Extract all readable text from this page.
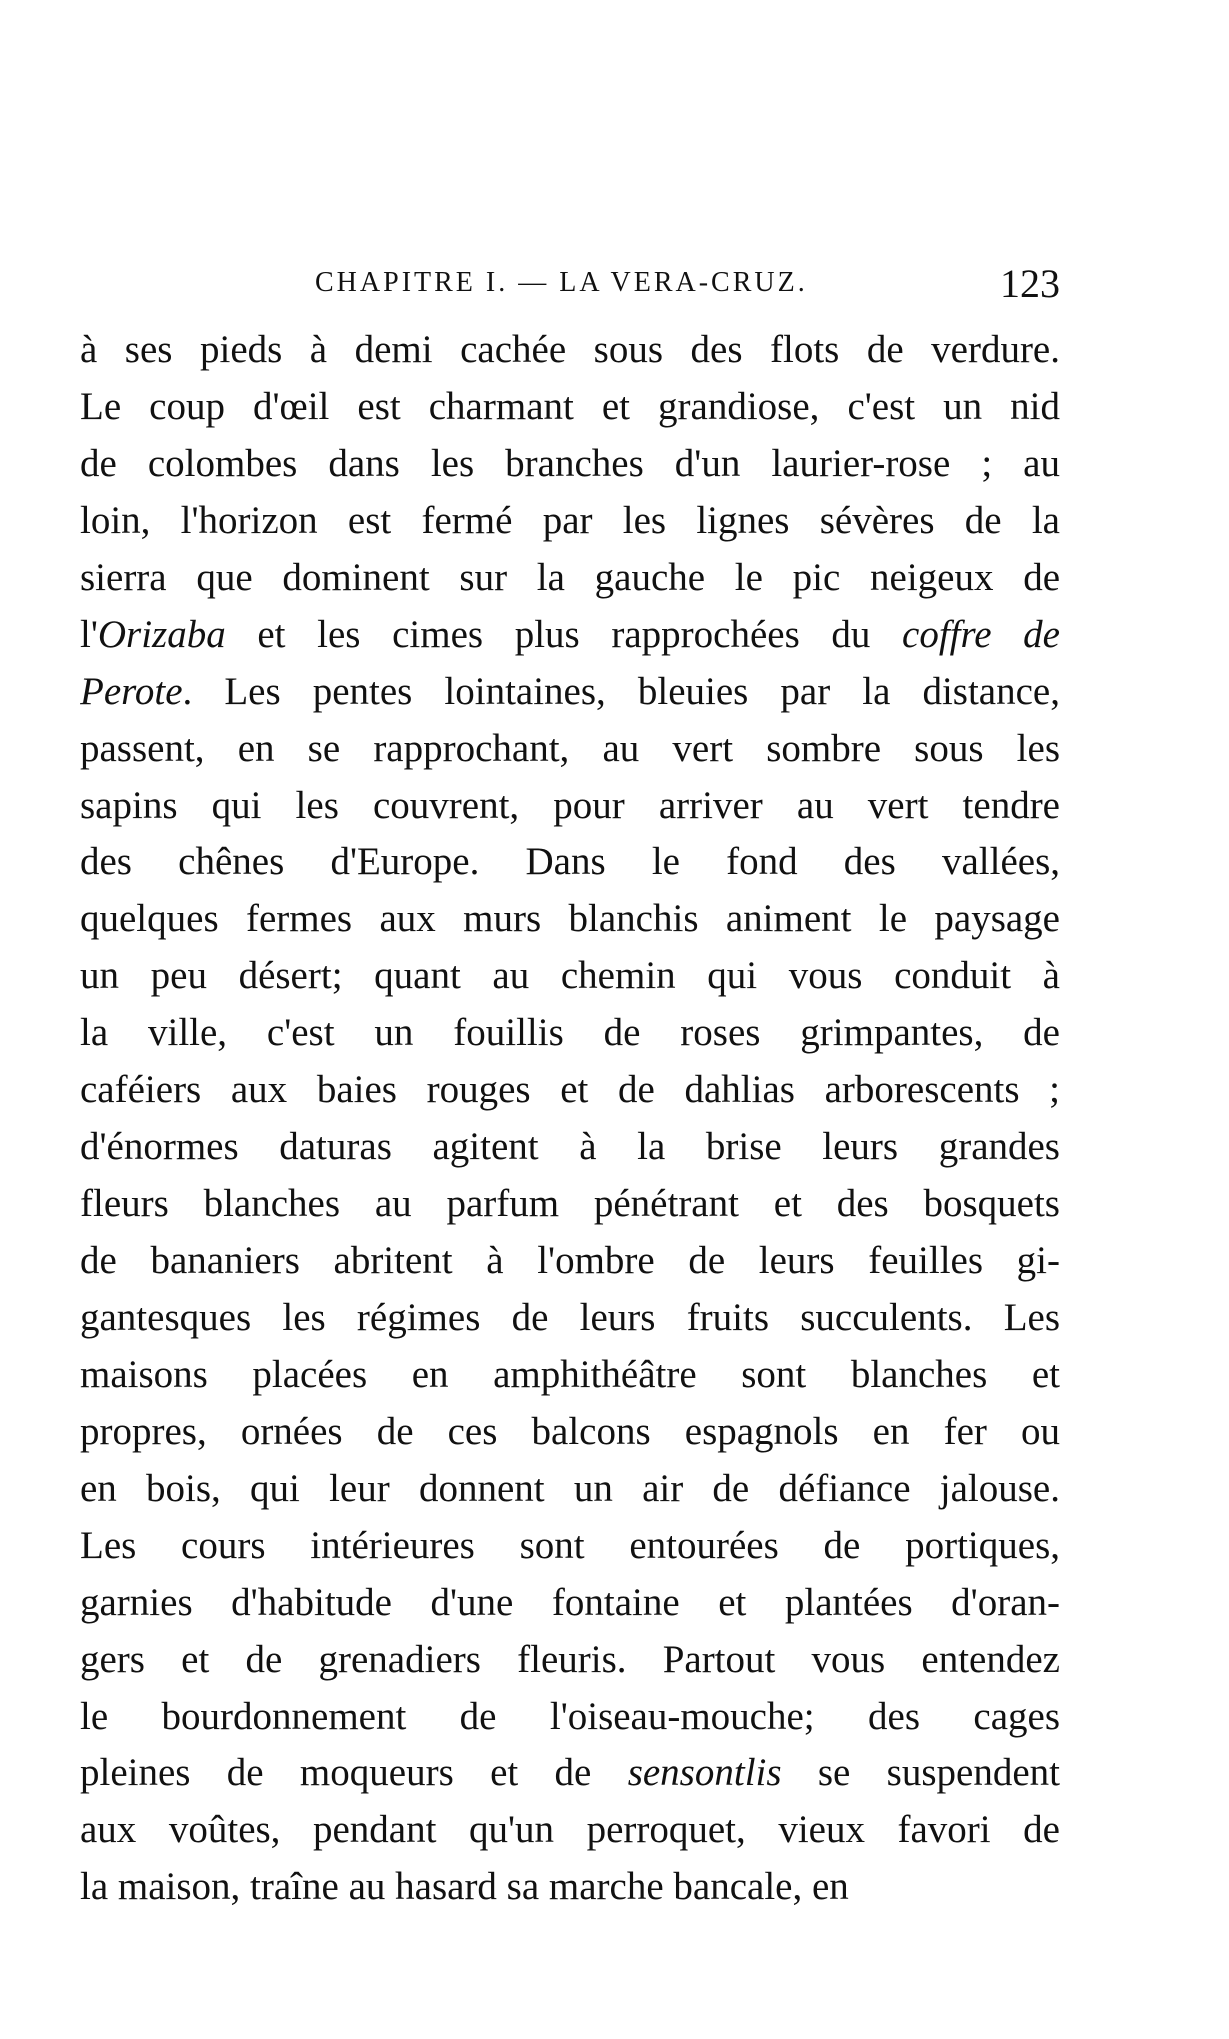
CHAPITRE I. — LA VERA-CRUZ.	123
à ses pieds à demi cachée sous des flots de verdure.
Le coup d'œil est charmant et grandiose, c'est un nid
de colombes dans les branches d'un laurier-rose ; au
loin, l'horizon est fermé par les lignes sévères de la
sierra que dominent sur la gauche le pic neigeux de
l'Orizaba et les cimes plus rapprochées du coffre de
Perote. Les pentes lointaines, bleuies par la distance,
passent, en se rapprochant, au vert sombre sous les
sapins qui les couvrent, pour arriver au vert tendre
des chênes d'Europe. Dans le fond des vallées,
quelques fermes aux murs blanchis animent le paysage
un peu désert; quant au chemin qui vous conduit à
la ville, c'est un fouillis de roses grimpantes, de
caféiers aux baies rouges et de dahlias arborescents ;
d'énormes daturas agitent à la brise leurs grandes
fleurs blanches au parfum pénétrant et des bosquets
de bananiers abritent à l'ombre de leurs feuilles gi-
gantesques les régimes de leurs fruits succulents. Les
maisons placées en amphithéâtre sont blanches et
propres, ornées de ces balcons espagnols en fer ou
en bois, qui leur donnent un air de défiance jalouse.
Les cours intérieures sont entourées de portiques,
garnies d'habitude d'une fontaine et plantées d'oran-
gers et de grenadiers fleuris. Partout vous entendez
le bourdonnement de l'oiseau-mouche; des cages
pleines de moqueurs et de sensontlis se suspendent
aux voûtes, pendant qu'un perroquet, vieux favori de
la maison, traîne au hasard sa marche bancale, en
